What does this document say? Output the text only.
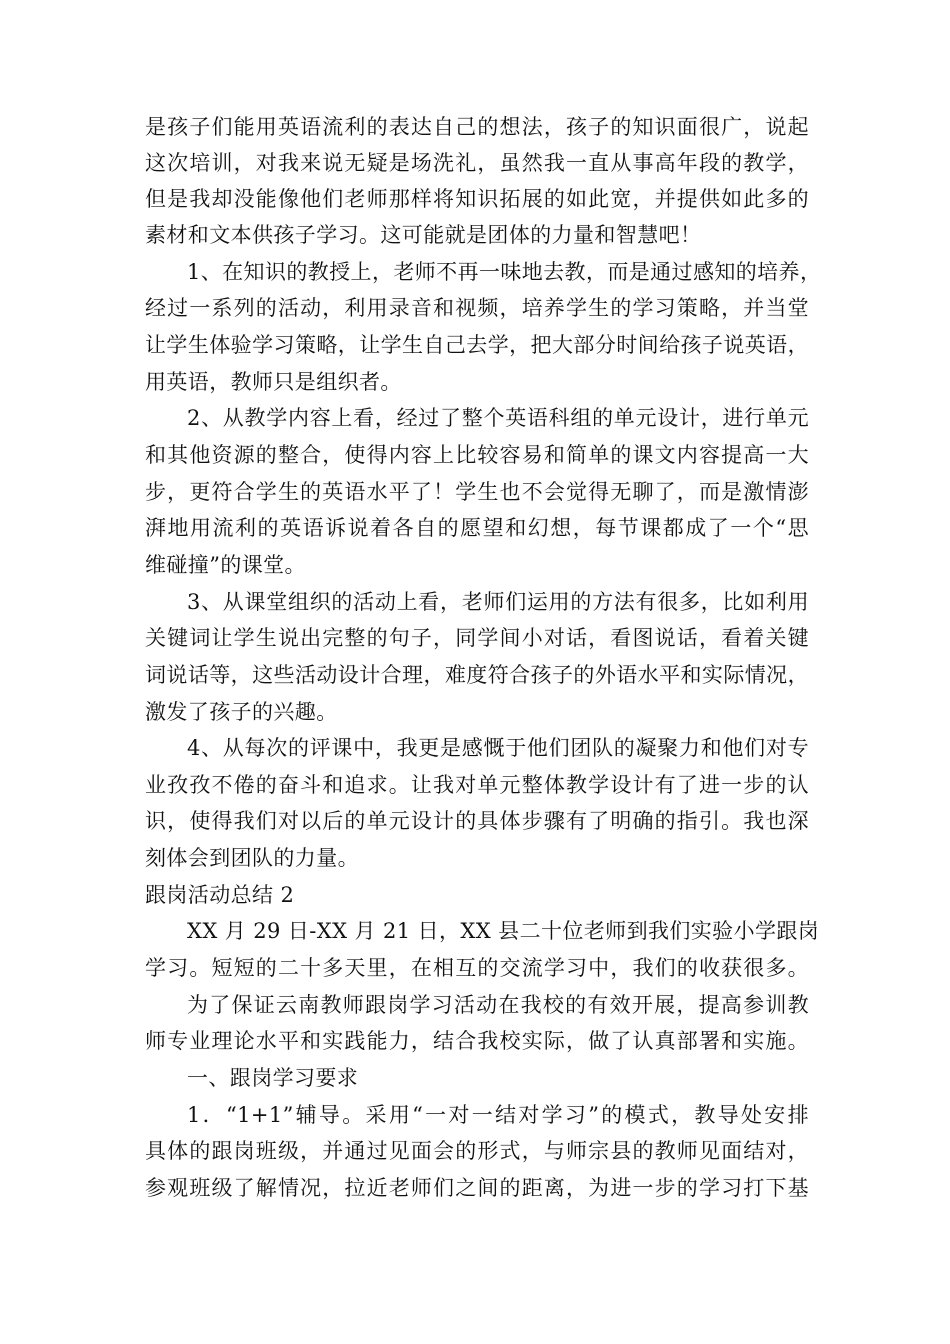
是孩子们能用英语流利的表达自己的想法，孩子的知识面很广，说起
这次培训，对我来说无疑是场洗礼，虽然我一直从事高年段的教学，
但是我却没能像他们老师那样将知识拓展的如此宽，并提供如此多的
素材和文本供孩子学习。这可能就是团体的力量和智慧吧！
1、在知识的教授上，老师不再一味地去教，而是通过感知的培养，
经过一系列的活动，利用录音和视频，培养学生的学习策略，并当堂
让学生体验学习策略，让学生自己去学，把大部分时间给孩子说英语，
用英语，教师只是组织者。
2、从教学内容上看，经过了整个英语科组的单元设计，进行单元
和其他资源的整合，使得内容上比较容易和简单的课文内容提高一大
步，更符合学生的英语水平了！学生也不会觉得无聊了，而是激情澎
湃地用流利的英语诉说着各自的愿望和幻想，每节课都成了一个“思
维碰撞”的课堂。
3、从课堂组织的活动上看，老师们运用的方法有很多，比如利用
关键词让学生说出完整的句子，同学间小对话，看图说话，看着关键
词说话等，这些活动设计合理，难度符合孩子的外语水平和实际情况，
激发了孩子的兴趣。
4、从每次的评课中，我更是感慨于他们团队的凝聚力和他们对专
业孜孜不倦的奋斗和追求。让我对单元整体教学设计有了进一步的认
识，使得我们对以后的单元设计的具体步骤有了明确的指引。我也深
刻体会到团队的力量。
跟岗活动总结 2
XX 月 29 日-XX 月 21 日，XX 县二十位老师到我们实验小学跟岗
学习。短短的二十多天里，在相互的交流学习中，我们的收获很多。
为了保证云南教师跟岗学习活动在我校的有效开展，提高参训教
师专业理论水平和实践能力，结合我校实际，做了认真部署和实施。
一、跟岗学习要求
1．“1+1”辅导。采用“一对一结对学习”的模式，教导处安排
具体的跟岗班级，并通过见面会的形式，与师宗县的教师见面结对，
参观班级了解情况，拉近老师们之间的距离，为进一步的学习打下基
